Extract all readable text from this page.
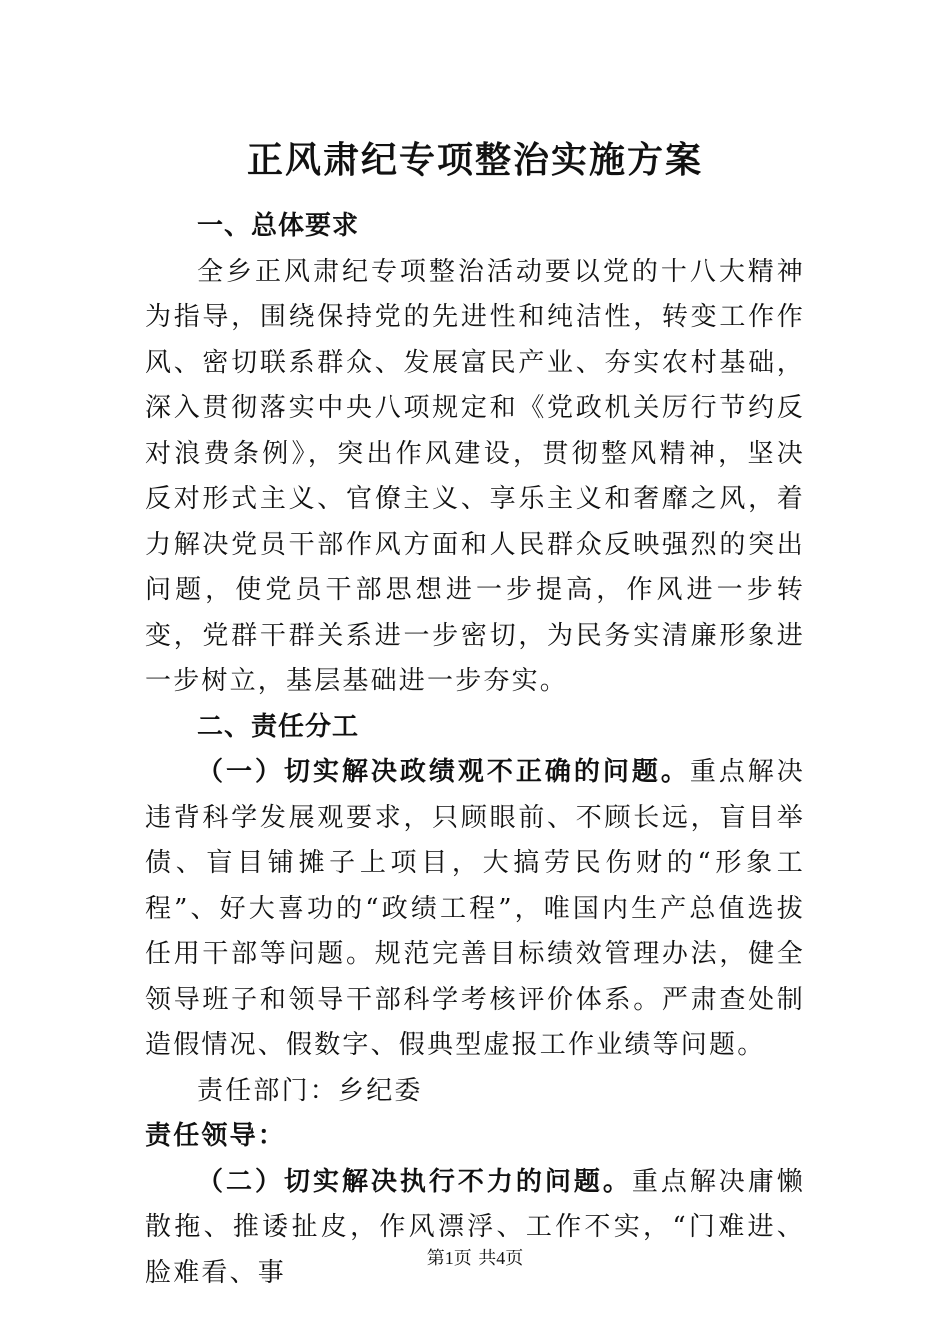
正风肃纪专项整治实施方案

一、总体要求

全乡正风肃纪专项整治活动要以党的十八大精神为指导，围绕保持党的先进性和纯洁性，转变工作作风、密切联系群众、发展富民产业、夯实农村基础，深入贯彻落实中央八项规定和《党政机关厉行节约反对浪费条例》，突出作风建设，贯彻整风精神，坚决反对形式主义、官僚主义、享乐主义和奢靡之风，着力解决党员干部作风方面和人民群众反映强烈的突出问题，使党员干部思想进一步提高，作风进一步转变，党群干群关系进一步密切，为民务实清廉形象进一步树立，基层基础进一步夯实。

二、责任分工

（一）切实解决政绩观不正确的问题。重点解决违背科学发展观要求，只顾眼前、不顾长远，盲目举债、盲目铺摊子上项目，大搞劳民伤财的“形象工程”、好大喜功的“政绩工程”，唯国内生产总值选拔任用干部等问题。规范完善目标绩效管理办法，健全领导班子和领导干部科学考核评价体系。严肃查处制造假情况、假数字、假典型虚报工作业绩等问题。

责任部门：乡纪委

责任领导：

（二）切实解决执行不力的问题。重点解决庸懒散拖、推诿扯皮，作风漂浮、工作不实，“门难进、脸难看、事	第1页 共4页
